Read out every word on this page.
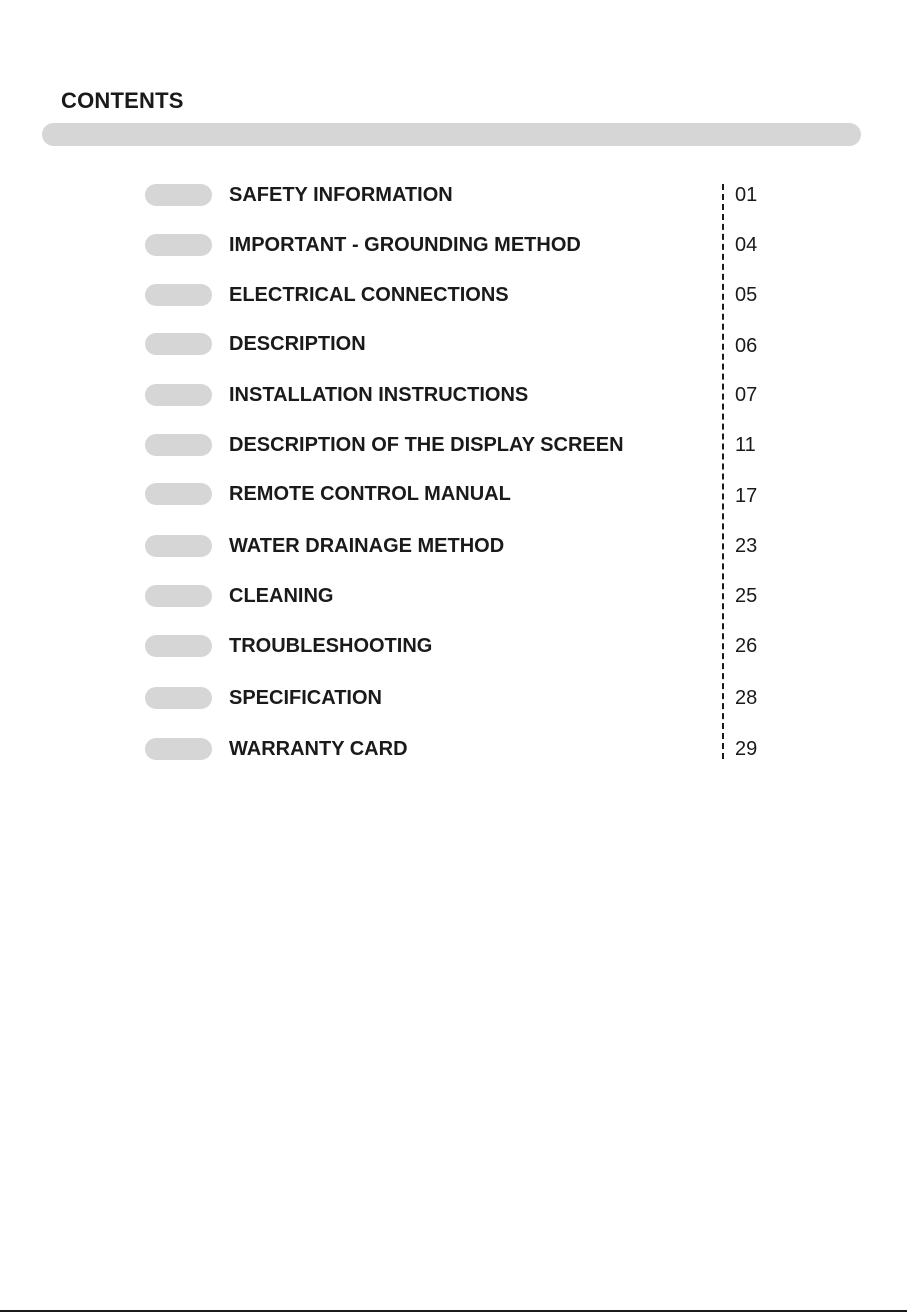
CONTENTS
SAFETY INFORMATION	01
IMPORTANT - GROUNDING METHOD	04
ELECTRICAL CONNECTIONS	05
DESCRIPTION	06
INSTALLATION INSTRUCTIONS	07
DESCRIPTION OF THE DISPLAY SCREEN	11
REMOTE CONTROL MANUAL	17
WATER DRAINAGE METHOD	23
CLEANING	25
TROUBLESHOOTING	26
SPECIFICATION	28
WARRANTY CARD	29
